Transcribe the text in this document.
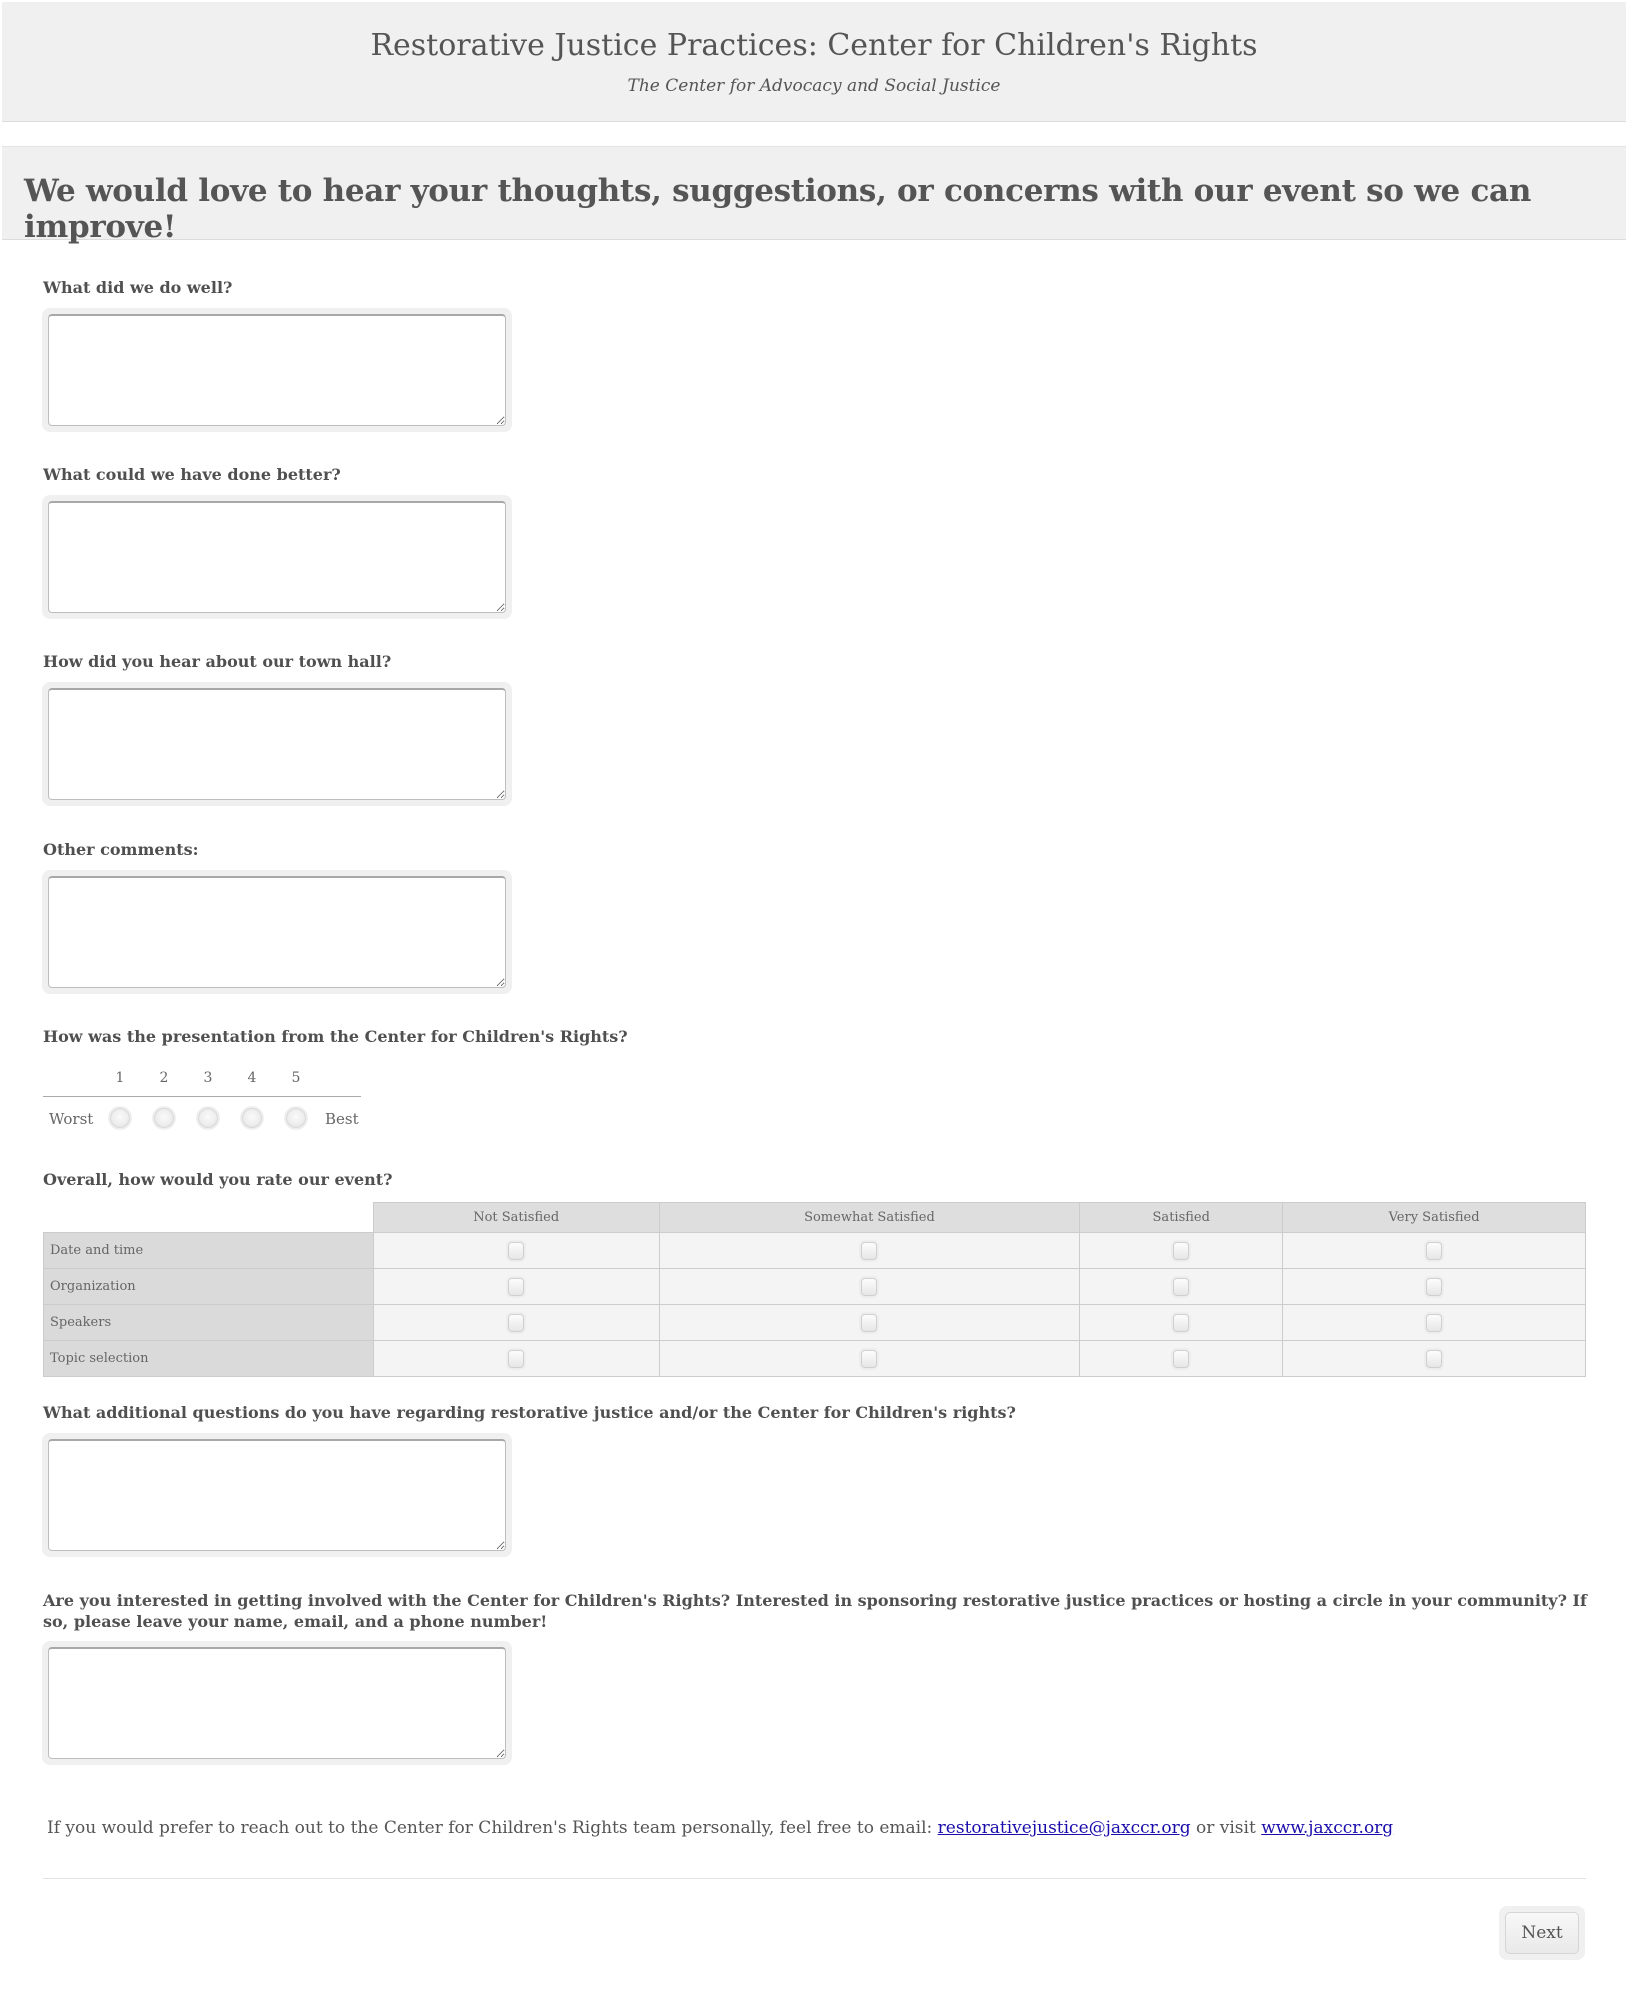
Restorative Justice Practices: Center for Children's Rights
The Center for Advocacy and Social Justice
We would love to hear your thoughts, suggestions, or concerns with our event so we can improve!
What did we do well?
What could we have done better?
How did you hear about our town hall?
Other comments:
How was the presentation from the Center for Children's Rights?
1	2	3	4	5
Worst	Best
Overall, how would you rate our event?
	Not Satisfied	Somewhat Satisfied	Satisfied	Very Satisfied
Date and time				
Organization				
Speakers				
Topic selection				
What additional questions do you have regarding restorative justice and/or the Center for Children's rights?
Are you interested in getting involved with the Center for Children's Rights? Interested in sponsoring restorative justice practices or hosting a circle in your community? If so, please leave your name, email, and a phone number!
If you would prefer to reach out to the Center for Children's Rights team personally, feel free to email: restorativejustice@jaxccr.org or visit www.jaxccr.org
Next
